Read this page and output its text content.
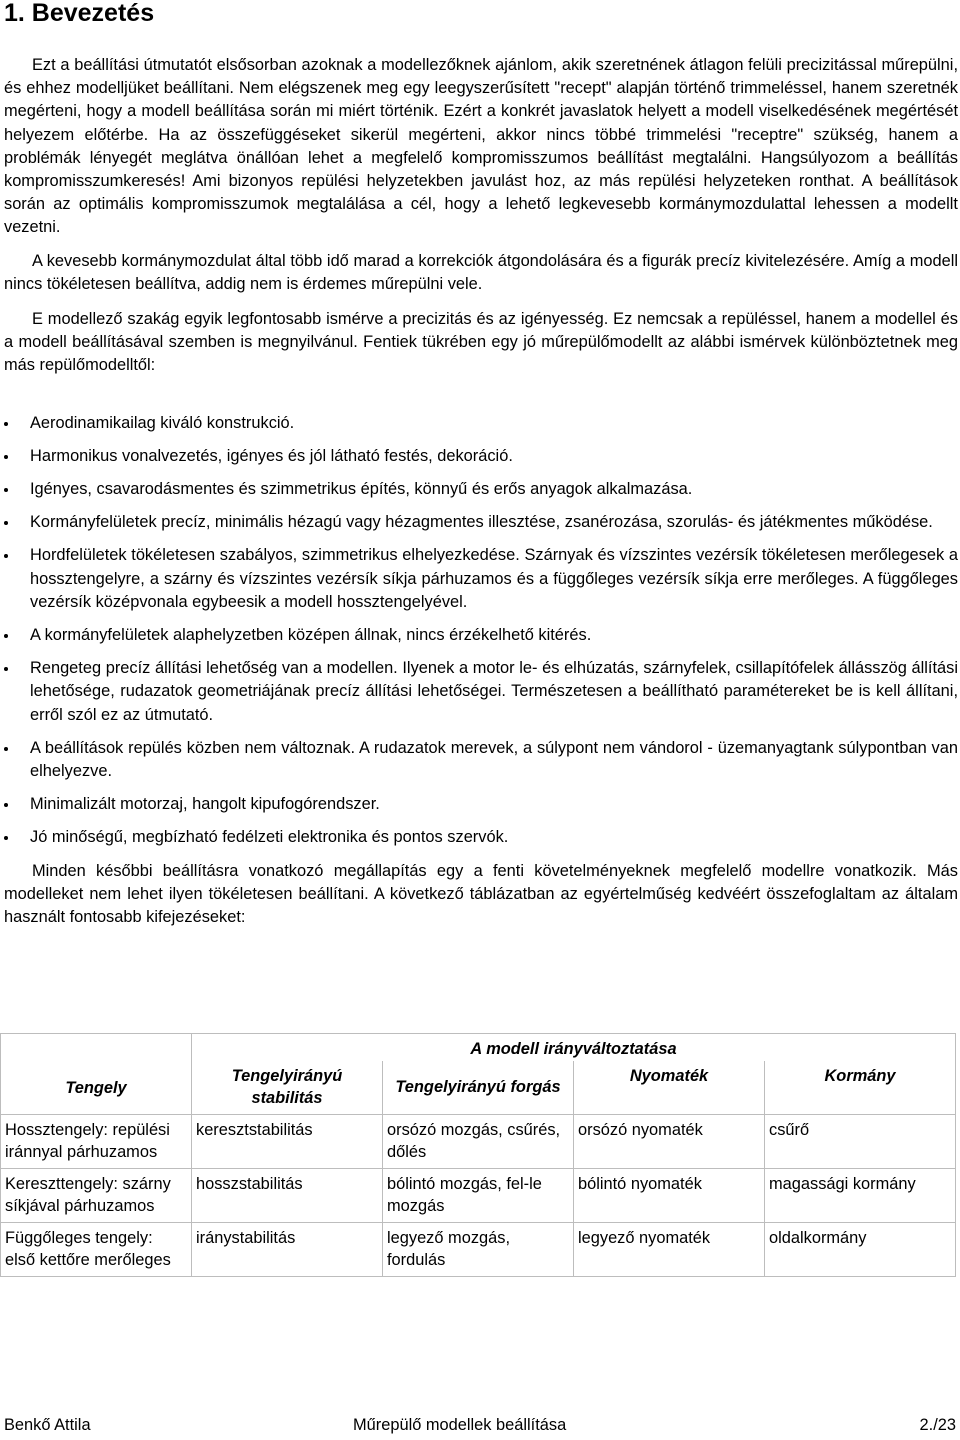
1. Bevezetés

Ezt a beállítási útmutatót elsősorban azoknak a modellezőknek ajánlom, akik szeretnének átlagon felüli precizitással műrepülni, és ehhez modelljüket beállítani. Nem elégszenek meg egy leegyszerűsített "recept" alapján történő trimmeléssel, hanem szeretnék megérteni, hogy a modell beállítása során mi miért történik. Ezért a konkrét javaslatok helyett a modell viselkedésének megértését helyezem előtérbe. Ha az összefüggéseket sikerül megérteni, akkor nincs többé trimmelési "receptre" szükség, hanem a problémák lényegét meglátva önállóan lehet a megfelelő kompromisszumos beállítást megtalálni. Hangsúlyozom a beállítás kompromisszumkeresés! Ami bizonyos repülési helyzetekben javulást hoz, az más repülési helyzeteken ronthat. A beállítások során az optimális kompromisszumok megtalálása a cél, hogy a lehető legkevesebb kormánymozdulattal lehessen a modellt vezetni.

A kevesebb kormánymozdulat által több idő marad a korrekciók átgondolására és a figurák precíz kivitelezésére. Amíg a modell nincs tökéletesen beállítva, addig nem is érdemes műrepülni vele.

E modellező szakág egyik legfontosabb ismérve a precizitás és az igényesség. Ez nemcsak a repüléssel, hanem a modellel és a modell beállításával szemben is megnyilvánul. Fentiek tükrében egy jó műrepülőmodellt az alábbi ismérvek különböztetnek meg más repülőmodelltől:

Aerodinamikailag kiváló konstrukció.
Harmonikus vonalvezetés, igényes és jól látható festés, dekoráció.
Igényes, csavarodásmentes és szimmetrikus építés, könnyű és erős anyagok alkalmazása.
Kormányfelületek precíz, minimális hézagú vagy hézagmentes illesztése, zsanérozása, szorulás- és játékmentes működése.
Hordfelületek tökéletesen szabályos, szimmetrikus elhelyezkedése. Szárnyak és vízszintes vezérsík tökéletesen merőlegesek a hossztengelyre, a szárny és vízszintes vezérsík síkja párhuzamos és a függőleges vezérsík síkja erre merőleges. A függőleges vezérsík középvonala egybeesik a modell hossztengelyével.
A kormányfelületek alaphelyzetben középen állnak, nincs érzékelhető kitérés.
Rengeteg precíz állítási lehetőség van a modellen. Ilyenek a motor le- és elhúzatás, szárnyfelek, csillapítófelek állásszög állítási lehetősége, rudazatok geometriájának precíz állítási lehetőségei. Természetesen a beállítható paramétereket be is kell állítani, erről szól ez az útmutató.
A beállítások repülés közben nem változnak. A rudazatok merevek, a súlypont nem vándorol - üzemanyagtank súlypontban van elhelyezve.
Minimalizált motorzaj, hangolt kipufogórendszer.
Jó minőségű, megbízható fedélzeti elektronika és pontos szervók.

Minden későbbi beállításra vonatkozó megállapítás egy a fenti követelményeknek megfelelő modellre vonatkozik. Más modelleket nem lehet ilyen tökéletesen beállítani. A következő táblázatban az egyértelműség kedvéért összefoglaltam az általam használt fontosabb kifejezéseket:

Tengely	A modell irányváltoztatása			
	Tengelyirányú stabilitás	Tengelyirányú forgás	Nyomaték	Kormány
Hossztengely: repülési iránnyal párhuzamos	keresztstabilitás	orsózó mozgás, csűrés, dőlés	orsózó nyomaték	csűrő
Kereszttengely: szárny síkjával párhuzamos	hosszstabilitás	bólintó mozgás, fel-le mozgás	bólintó nyomaték	magassági kormány
Függőleges tengely: első kettőre merőleges	iránystabilitás	legyező mozgás, fordulás	legyező nyomaték	oldalkormány
Benkő Attila	Műrepülő modellek beállítása	2./23
